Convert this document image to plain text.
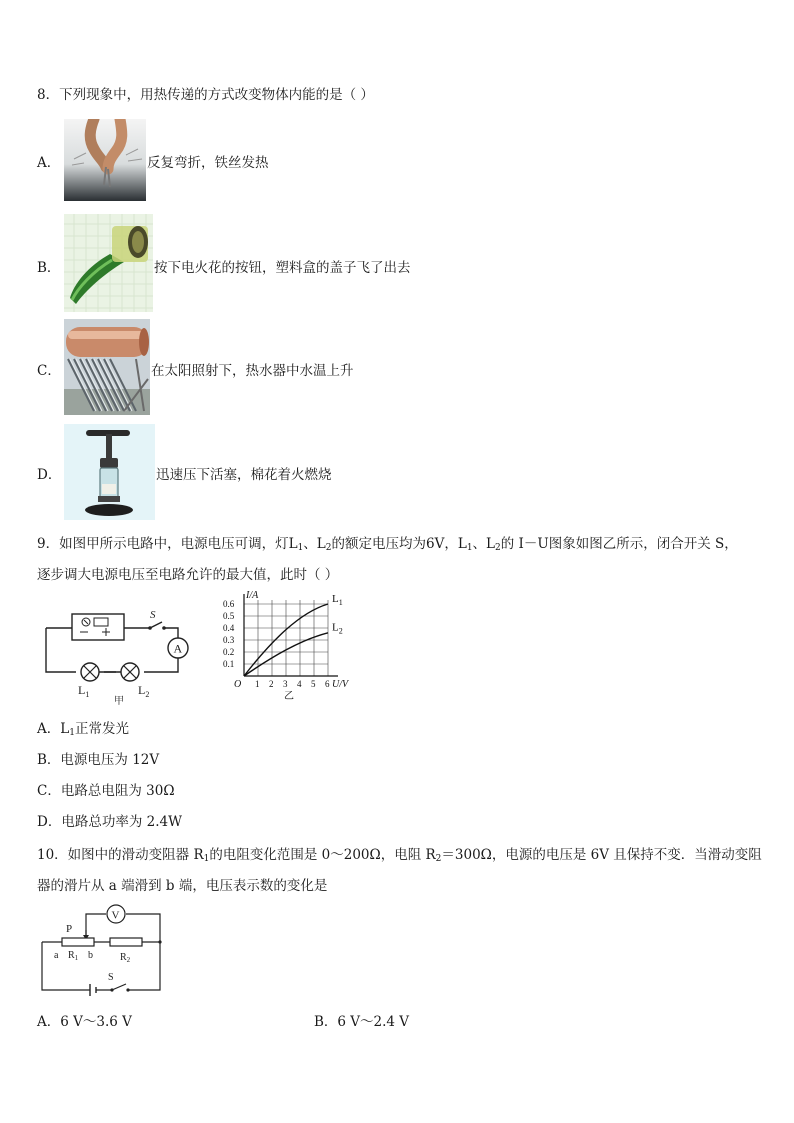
8．下列现象中，用热传递的方式改变物体内能的是（ ）
A．	反复弯折，铁丝发热
B．	按下电火花的按钮，塑料盒的盖子飞了出去
C．	在太阳照射下，热水器中水温上升
D．	迅速压下活塞，棉花着火燃烧
9．如图甲所示电路中，电源电压可调，灯$L_1$、$L_2$的额定电压均为6V，$L_1$、$L_2$的 I－U图象如图乙所示，闭合开关 S，
逐步调大电源电压至电路允许的最大值，此时（ ）
S
A
$L_1$	$L_2$
甲
0.6
0.5
0.4
0.3
0.2
0.1
1 2 3 4 5 6
O
I/A
U/V
$L_1$
$L_2$
乙
A．$L_1$正常发光
B．电源电压为 12V
C．电路总电阻为 30Ω
D．电路总功率为 2.4W
10．如图中的滑动变阻器 $R_1$的电阻变化范围是 0～200Ω，电阻 $R_2=300\Omega$，电源的电压是 6V 且保持不变．当滑动变阻
器的滑片从 a 端滑到 b 端，电压表示数的变化是
V
P
a $R_1$ b	$R_2$
S
A．6 V～3.6 V	B．6 V～2.4 V
